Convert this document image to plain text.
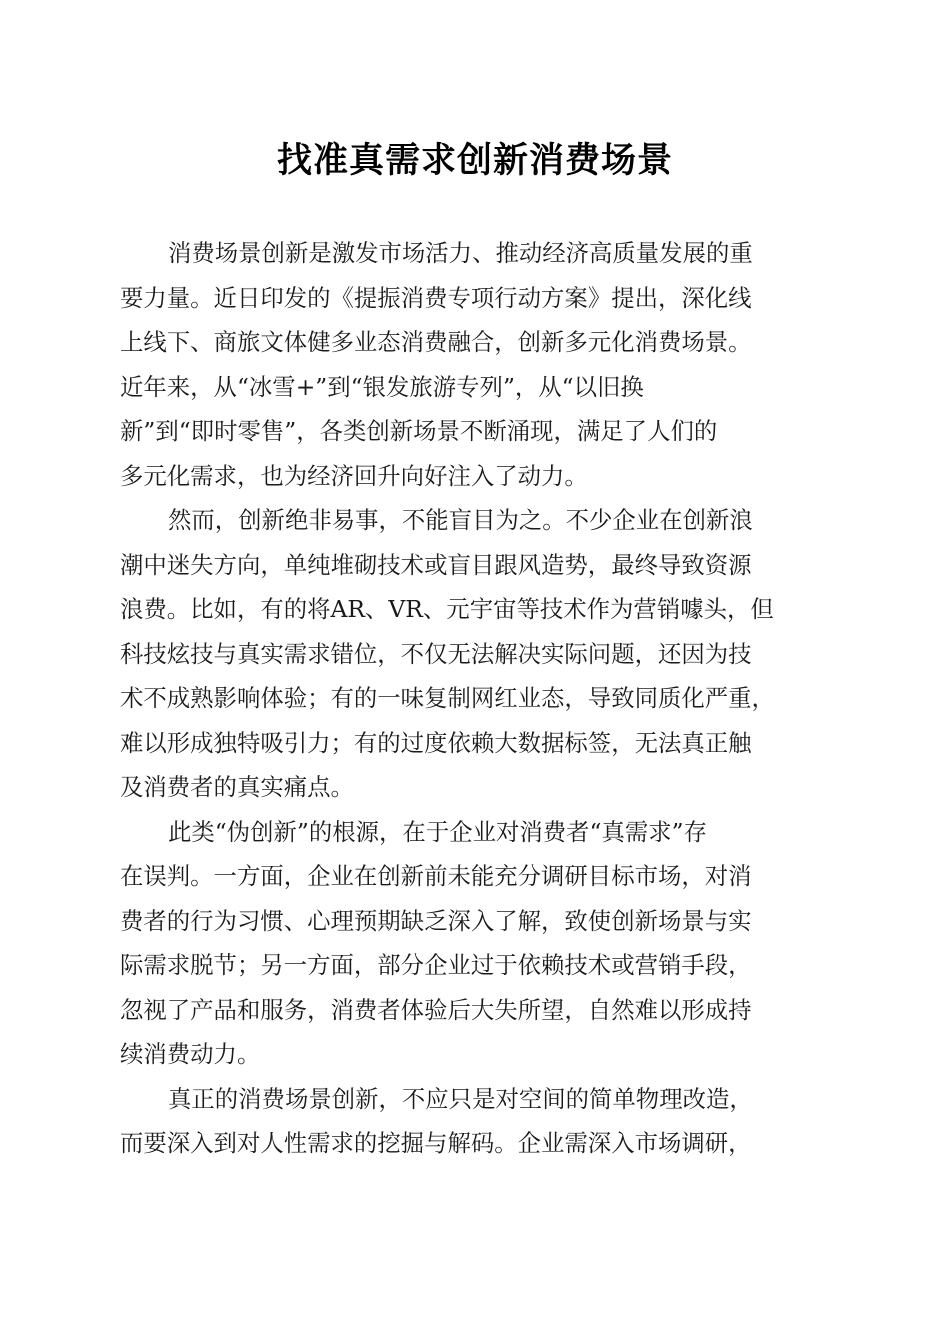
找准真需求创新消费场景
消费场景创新是激发市场活力、推动经济高质量发展的重
要力量。近日印发的《提振消费专项行动方案》提出，深化线
上线下、商旅文体健多业态消费融合，创新多元化消费场景。
近年来，从“冰雪+”到“银发旅游专列”，从“以旧换
新”到“即时零售”，各类创新场景不断涌现，满足了人们的
多元化需求，也为经济回升向好注入了动力。
然而，创新绝非易事，不能盲目为之。不少企业在创新浪
潮中迷失方向，单纯堆砌技术或盲目跟风造势，最终导致资源
浪费。比如，有的将AR、VR、元宇宙等技术作为营销噱头，但
科技炫技与真实需求错位，不仅无法解决实际问题，还因为技
术不成熟影响体验；有的一味复制网红业态，导致同质化严重，
难以形成独特吸引力；有的过度依赖大数据标签，无法真正触
及消费者的真实痛点。
此类“伪创新”的根源，在于企业对消费者“真需求”存
在误判。一方面，企业在创新前未能充分调研目标市场，对消
费者的行为习惯、心理预期缺乏深入了解，致使创新场景与实
际需求脱节；另一方面，部分企业过于依赖技术或营销手段，
忽视了产品和服务，消费者体验后大失所望，自然难以形成持
续消费动力。
真正的消费场景创新，不应只是对空间的简单物理改造，
而要深入到对人性需求的挖掘与解码。企业需深入市场调研，
